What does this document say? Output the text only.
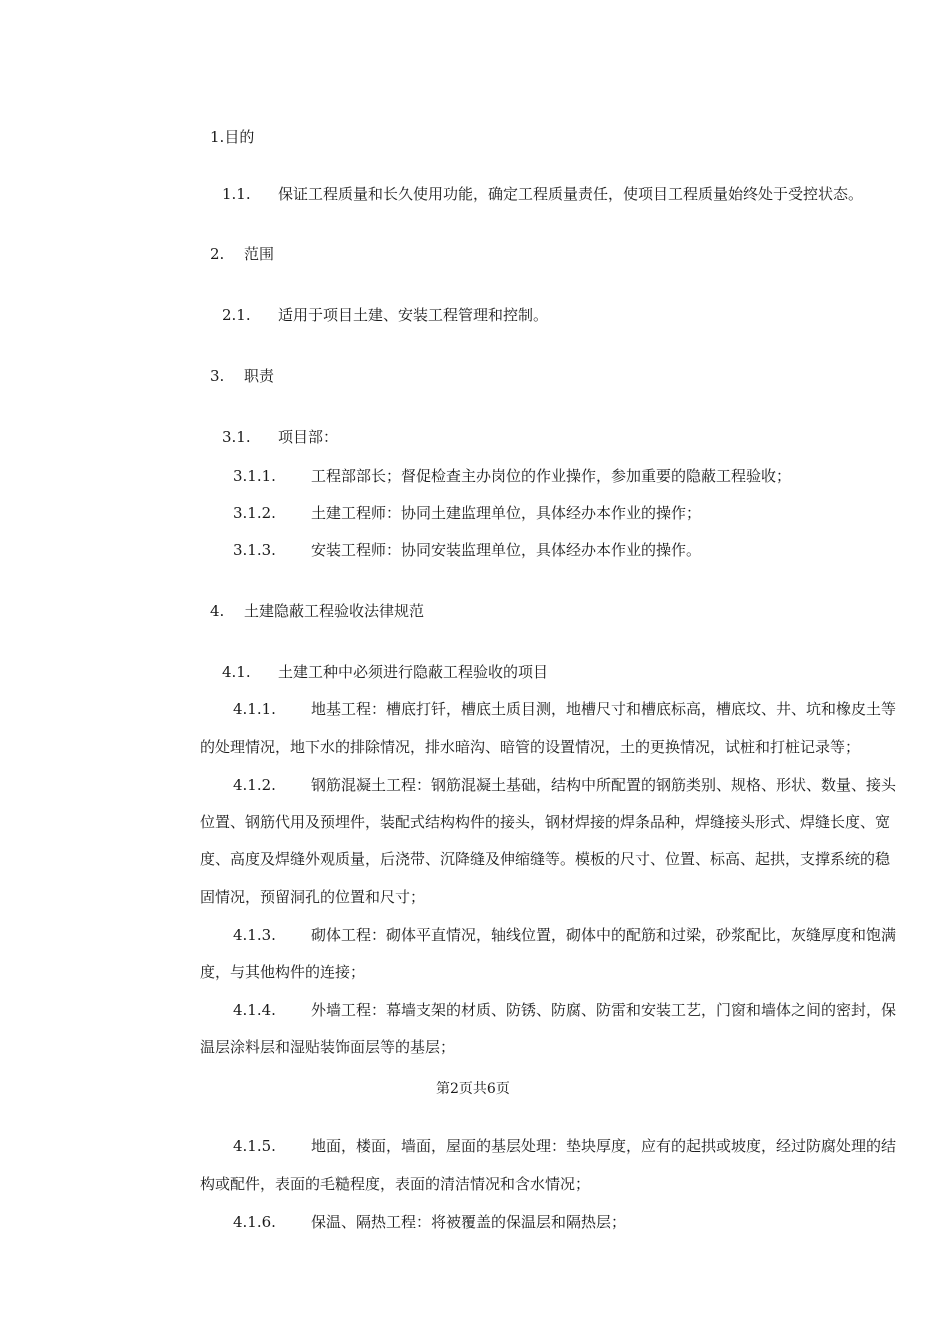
1.目的
1.1. 保证工程质量和长久使用功能，确定工程质量责任，使项目工程质量始终处于受控状态。
2. 范围
2.1. 适用于项目土建、安装工程管理和控制。
3. 职责
3.1. 项目部：
3.1.1. 工程部部长；督促检查主办岗位的作业操作，参加重要的隐蔽工程验收；
3.1.2. 土建工程师：协同土建监理单位，具体经办本作业的操作；
3.1.3. 安装工程师：协同安装监理单位，具体经办本作业的操作。
4. 土建隐蔽工程验收法律规范
4.1. 土建工种中必须进行隐蔽工程验收的项目
4.1.1. 地基工程：槽底打钎，槽底土质目测，地槽尺寸和槽底标高，槽底坟、井、坑和橡皮土等
的处理情况，地下水的排除情况，排水暗沟、暗管的设置情况，土的更换情况，试桩和打桩记录等；
4.1.2. 钢筋混凝土工程：钢筋混凝土基础，结构中所配置的钢筋类别、规格、形状、数量、接头
位置、钢筋代用及预埋件，装配式结构构件的接头，钢材焊接的焊条品种，焊缝接头形式、焊缝长度、宽
度、高度及焊缝外观质量，后浇带、沉降缝及伸缩缝等。模板的尺寸、位置、标高、起拱，支撑系统的稳
固情况，预留洞孔的位置和尺寸；
4.1.3. 砌体工程：砌体平直情况，轴线位置，砌体中的配筋和过梁，砂浆配比，灰缝厚度和饱满
度，与其他构件的连接；
4.1.4. 外墙工程：幕墙支架的材质、防锈、防腐、防雷和安装工艺，门窗和墙体之间的密封，保
温层涂料层和湿贴装饰面层等的基层；
第2页共6页
4.1.5. 地面，楼面，墙面，屋面的基层处理：垫块厚度，应有的起拱或坡度，经过防腐处理的结
构或配件，表面的毛糙程度，表面的清洁情况和含水情况；
4.1.6. 保温、隔热工程：将被覆盖的保温层和隔热层；
